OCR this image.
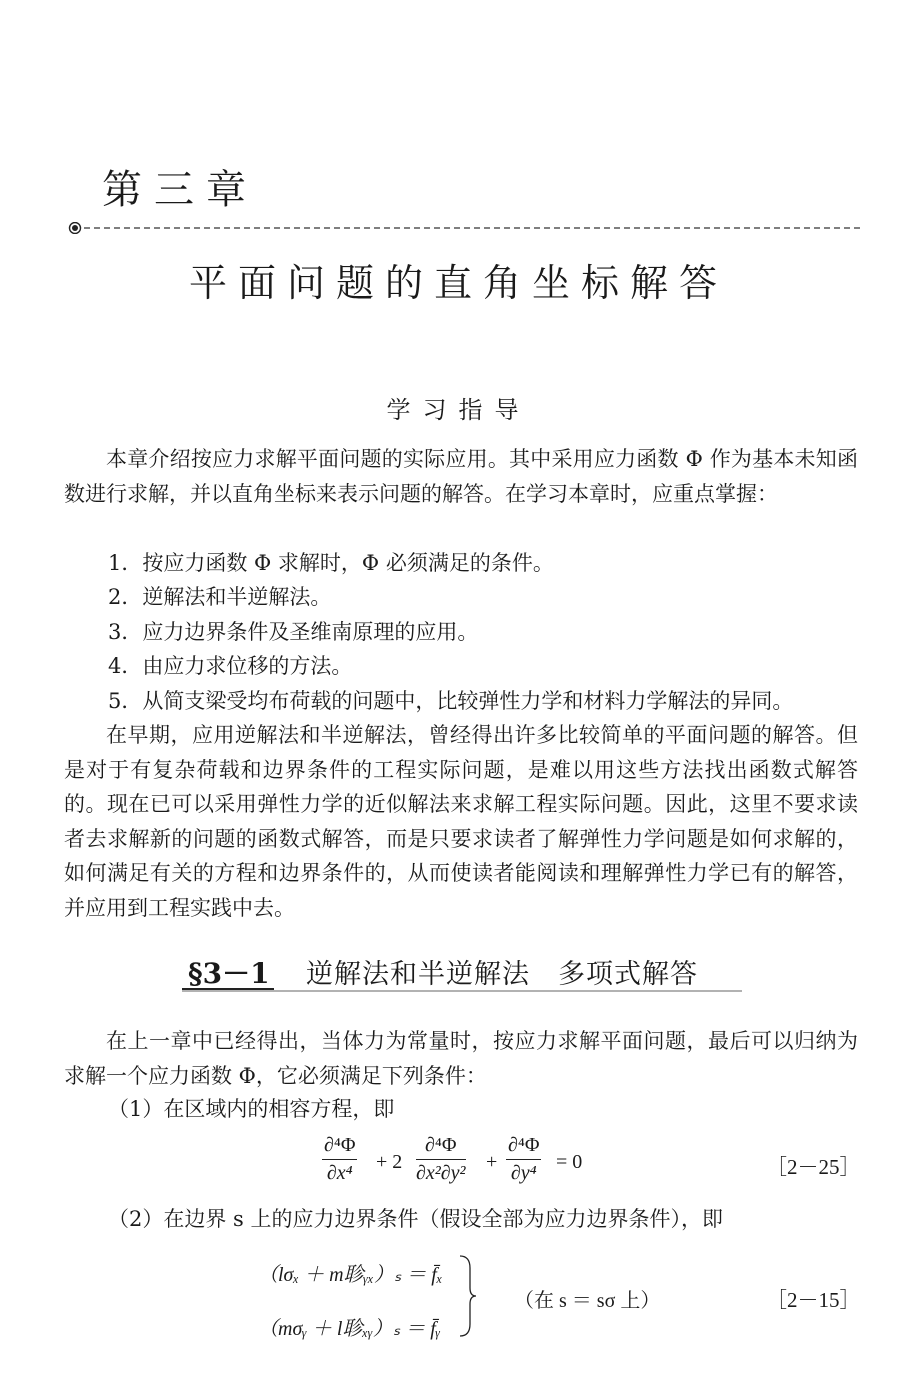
第三章
平面问题的直角坐标解答
学习指导
本章介绍按应力求解平面问题的实际应用。其中采用应力函数 Φ 作为基本未知函数进行求解，并以直角坐标来表示问题的解答。在学习本章时，应重点掌握：
1．按应力函数 Φ 求解时，Φ 必须满足的条件。
2．逆解法和半逆解法。
3．应力边界条件及圣维南原理的应用。
4．由应力求位移的方法。
5．从简支梁受均布荷载的问题中，比较弹性力学和材料力学解法的异同。
在早期，应用逆解法和半逆解法，曾经得出许多比较简单的平面问题的解答。但是对于有复杂荷载和边界条件的工程实际问题，是难以用这些方法找出函数式解答的。现在已可以采用弹性力学的近似解法来求解工程实际问题。因此，这里不要求读者去求解新的问题的函数式解答，而是只要求读者了解弹性力学问题是如何求解的，如何满足有关的方程和边界条件的，从而使读者能阅读和理解弹性力学已有的解答，并应用到工程实践中去。
§3－1 逆解法和半逆解法　多项式解答
在上一章中已经得出，当体力为常量时，按应力求解平面问题，最后可以归纳为求解一个应力函数 Φ，它必须满足下列条件：
（1）在区域内的相容方程，即
$\frac{\text{∂⁴Φ}}{\text{∂x⁴}} + 2 \frac{\text{∂⁴Φ}}{\text{∂x²∂y²}} + \frac{\text{∂⁴Φ}}{\text{∂y⁴}} = 0$	［2－25］
（2）在边界 s 上的应力边界条件（假设全部为应力边界条件），即
（lσₓ ＋ m聄ᵧₓ）ₛ ＝ f̄ₓ
（mσᵧ ＋ l聄ₓᵧ）ₛ ＝ f̄ᵧ
（在 s ＝ sσ 上）	［2－15］
